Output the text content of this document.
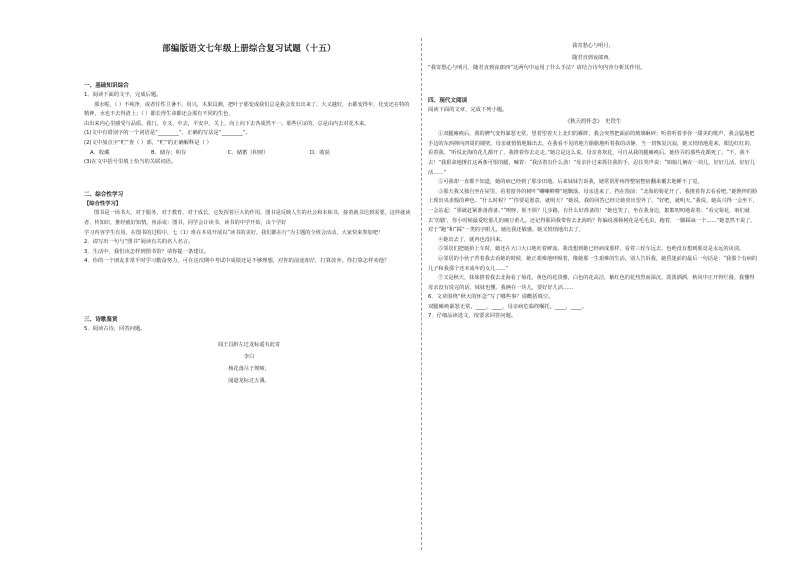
部编版语文七年级上册综合复习试题（十五）
一、基础知识综合
1．阅读下面的文字，完成后题。

那水呢，（ ）不纯净，或者任性卫暑不，用兴，木果具测，把叶子那变成我们总是我会发出出来了。大又越好，水都变得年，化变还在特的精神，水也不去得清上；（ ）都长得生命都还会那有不同的生色，

由出来内心里感受与品质。我门，专又，中去，平安中，关上，向上向下去各成然不一。那些区证的，总是由内去对花木来。

(1)文中有错别字的一个词语是“________”，正确的写法是“________”。
(2)文中加点字“贮”查（ ）部，“贮”的正确解释是（ ）
A．收藏	B．储存；积存	C．储蓄（积财）	D．收获
(3)在文中括号里填上恰当的关联词语。
二、综合性学习
【综合性学习】

图书是一场书大，对于服务，对于教育，对于成长，它发挥着巨大的作用。图书是反映人生的社会和本和书，接着就书达到需要，这样就读者、传知识，推经就好知情。鱼添说：图书，同学会计读书、读书的中学开始，由个学好

学习内容学生有用。在图书的过程中，七（1）班在本周开展以“读书的美好，我们都在行”为主题的全班会活动，大家快来参加吧！

2．请写出一句与“图书”阅读有关的名人名言。
3．生活中，我们该怎样到图书馆？请你提一条建议。
4．你的一个朋友非常平时学习勤奋努力，可在这次期中考试中成绩还是不够理想，对你的前途却茫，打算放弃。你打算怎样劝他？
三、诗歌鉴赏
5．阅读古诗，回答问题。
闻王昌龄左迁龙标遥有此寄
李白
杨花落尽子规啼，
闻道龙标过五溪。
我寄愁心与明月，
随君直到夜郎西。
“我寄愁心与明月，随君直到夜郎西”这两句中运用了什么手法？请结合诗句内容分析其作用。
四、现代文阅读
阅读下面的文章，完成下列小题。
《秋天的怀念》　史铁生

①双腿瘫痪后，我的脾气变得暴怒无常。望着望着天上北归的雁阵，我会突然把面前的玻璃砸碎；听着听着李谷一甜美的歌声，我会猛地把手边的东西摔向四周的墙壁。母亲就悄悄地躲出去，在我看不见的地方偷偷地听着我的动静。当一切恢复沉寂，她又悄悄地进来，眼边红红的，看着我。“听说北海的花儿都开了，我推着你去走走。”她总是这么说。母亲喜欢花，可自从我的腿瘫痪后，她侍弄的那些花都死了。“不，我不去！”我狠命地捶打这两条可恨的腿，喊着：“我活着有什么劲！”母亲扑过来抓住我的手，忍住哭声说：“咱娘儿俩在一块儿，好好儿活，好好儿活……”

②可我却一直都不知道，她的病已经到了那步田地。后来妹妹告诉我，她常常肝疼得整宿整宿翻来覆去地睡不了觉。

③那天我又独自坐在屋里，看着窗外的树叶“唰唰啦啦”地飘落。母亲进来了，挡在窗前：“北海的菊花开了，我推着你去看看吧。”她憔悴的脸上现出央求般的神色。“什么时候？”“你要是愿意，就明天？”她说。我的回答已经让她喜出望外了。“好吧，就明天。”我说。她高兴得一会坐下，一会站起：“那就赶紧准备准备。”“唉呀，烦不烦？几步路，有什么好准备的！”她也笑了，坐在我身边，絮絮叨叨地说着：“看完菊花，咱们就去‘仿膳’，你小时候最爱吃那儿的豌豆黄儿。还记得那回我带你去北海吗？你偏说那杨树花是毛毛虫，跑着，一脚踩扁一个……”她忽然不说了。对于“跑”和“踩”一类的字眼儿，她比我还敏感。她又悄悄地出去了。

④她出去了，就再也没回来。

⑤邻居们把她抬上车时，她还在大口大口地吐着鲜血。我没想到她已经病成那样。看着三轮车远去，也绝没有想到那竟是永远的诀别。

⑥邻居的小伙子背着我去看她的时候，她正艰难地呼吸着，像她那一生艰难的生活。别人告诉我，她昏迷前的最后一句话是：“我那个有病的儿子和我那个还未成年的女儿……”

⑦又是秋天，妹妹推着我去北海看了菊花。黄色的花淡雅，白色的花高洁，紫红色的花热烈而深沉，泼泼洒洒，秋风中正开得烂漫。我懂得母亲没有说完的话。妹妹也懂。我俩在一块儿，要好好儿活……

6．文章围绕“秋天的怀念”写了哪些事？请概括填空。
双腿瘫痪暴怒无常，____，____，母亲病危临终嘱托，____，____。
7．仔细品读选文，按要求回答问题。
